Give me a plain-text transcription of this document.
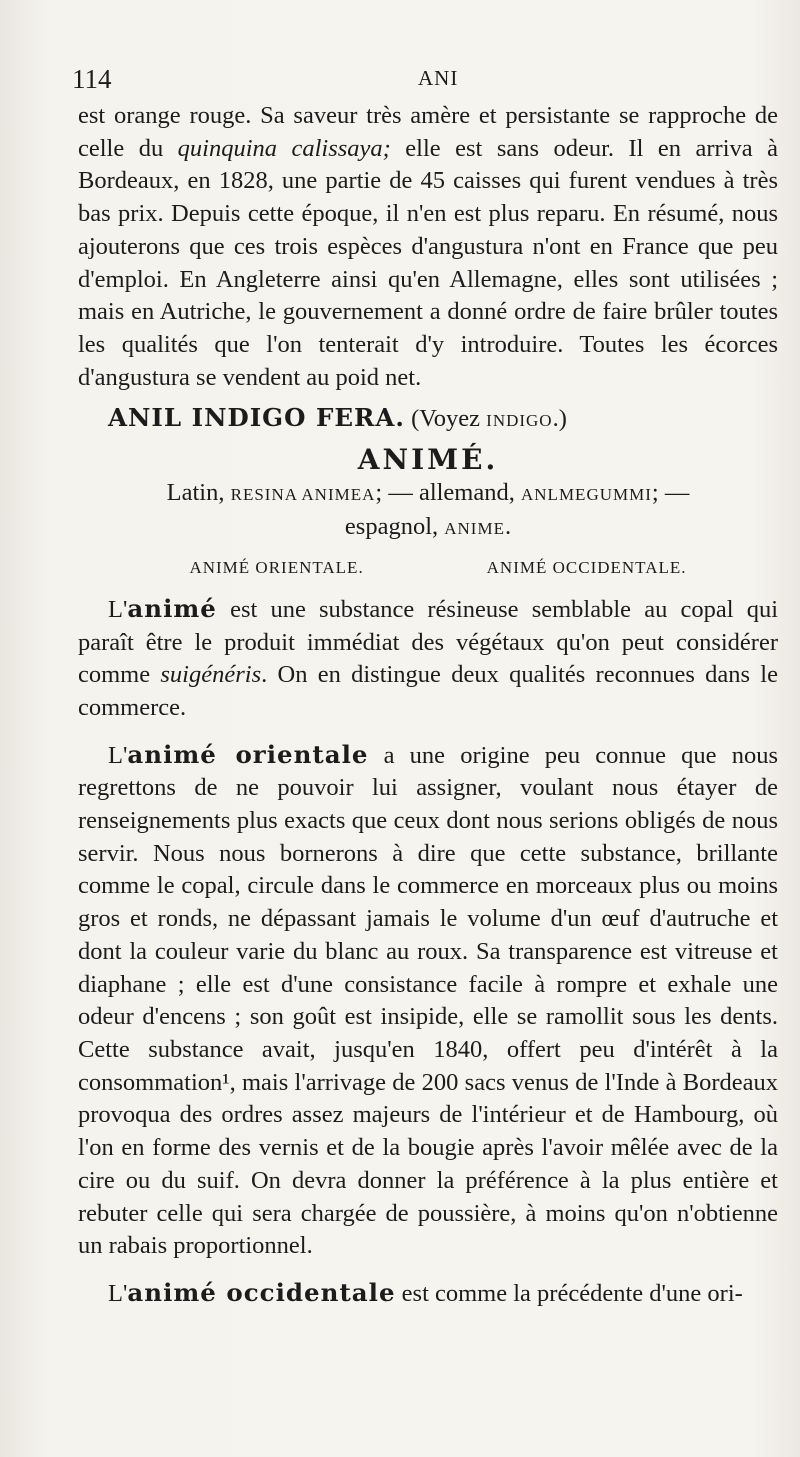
114	ANI

est orange rouge. Sa saveur très amère et persistante se rapproche de celle du quinquina calissaya; elle est sans odeur. Il en arriva à Bordeaux, en 1828, une partie de 45 caisses qui furent vendues à très bas prix. Depuis cette époque, il n'en est plus reparu. En résumé, nous ajouterons que ces trois espèces d'angustura n'ont en France que peu d'emploi. En Angleterre ainsi qu'en Allemagne, elles sont utilisées ; mais en Autriche, le gouvernement a donné ordre de faire brûler toutes les qualités que l'on tenterait d'y introduire. Toutes les écorces d'angustura se vendent au poid net.

ANIL INDIGO FERA. (Voyez INDIGO.)

ANIMÉ.
Latin, RESINA ANIMEA; — allemand, ANLMEGUMMI; —
espagnol, ANIME.
ANIMÉ ORIENTALE.	ANIMÉ OCCIDENTALE.

L'animé est une substance résineuse semblable au copal qui paraît être le produit immédiat des végétaux qu'on peut considérer comme suigénéris. On en distingue deux qualités reconnues dans le commerce.

L'animé orientale a une origine peu connue que nous regrettons de ne pouvoir lui assigner, voulant nous étayer de renseignements plus exacts que ceux dont nous serions obligés de nous servir. Nous nous bornerons à dire que cette substance, brillante comme le copal, circule dans le commerce en morceaux plus ou moins gros et ronds, ne dépassant jamais le volume d'un œuf d'autruche et dont la couleur varie du blanc au roux. Sa transparence est vitreuse et diaphane ; elle est d'une consistance facile à rompre et exhale une odeur d'encens ; son goût est insipide, elle se ramollit sous les dents. Cette substance avait, jusqu'en 1840, offert peu d'intérêt à la consommation¹, mais l'arrivage de 200 sacs venus de l'Inde à Bordeaux provoqua des ordres assez majeurs de l'intérieur et de Hambourg, où l'on en forme des vernis et de la bougie après l'avoir mêlée avec de la cire ou du suif. On devra donner la préférence à la plus entière et rebuter celle qui sera chargée de poussière, à moins qu'on n'obtienne un rabais proportionnel.

L'animé occidentale est comme la précédente d'une ori-
